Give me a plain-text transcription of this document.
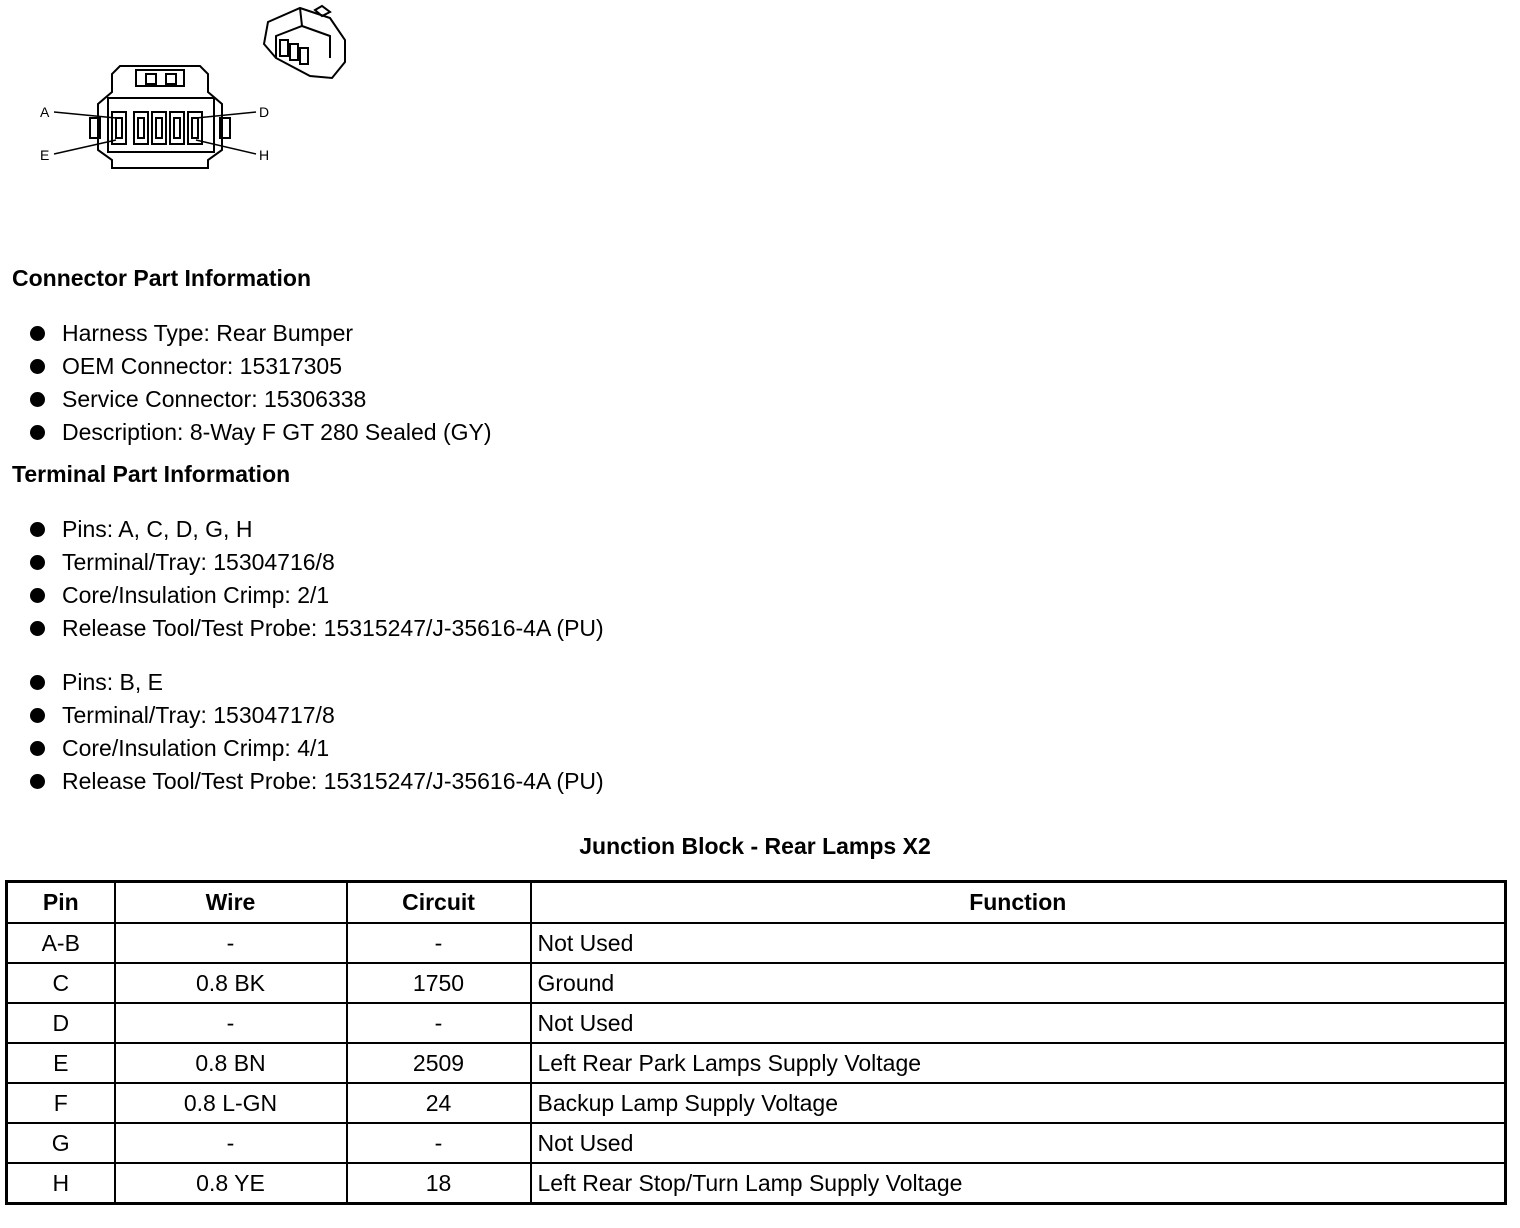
A	D
E	H
Connector Part Information
Harness Type: Rear Bumper
OEM Connector: 15317305
Service Connector: 15306338
Description: 8-Way F GT 280 Sealed (GY)
Terminal Part Information
Pins: A, C, D, G, H
Terminal/Tray: 15304716/8
Core/Insulation Crimp: 2/1
Release Tool/Test Probe: 15315247/J-35616-4A (PU)
Pins: B, E
Terminal/Tray: 15304717/8
Core/Insulation Crimp: 4/1
Release Tool/Test Probe: 15315247/J-35616-4A (PU)
Junction Block - Rear Lamps X2
Pin	Wire	Circuit	Function
A-B	-	-	Not Used
C	0.8 BK	1750	Ground
D	-	-	Not Used
E	0.8 BN	2509	Left Rear Park Lamps Supply Voltage
F	0.8 L-GN	24	Backup Lamp Supply Voltage
G	-	-	Not Used
H	0.8 YE	18	Left Rear Stop/Turn Lamp Supply Voltage
